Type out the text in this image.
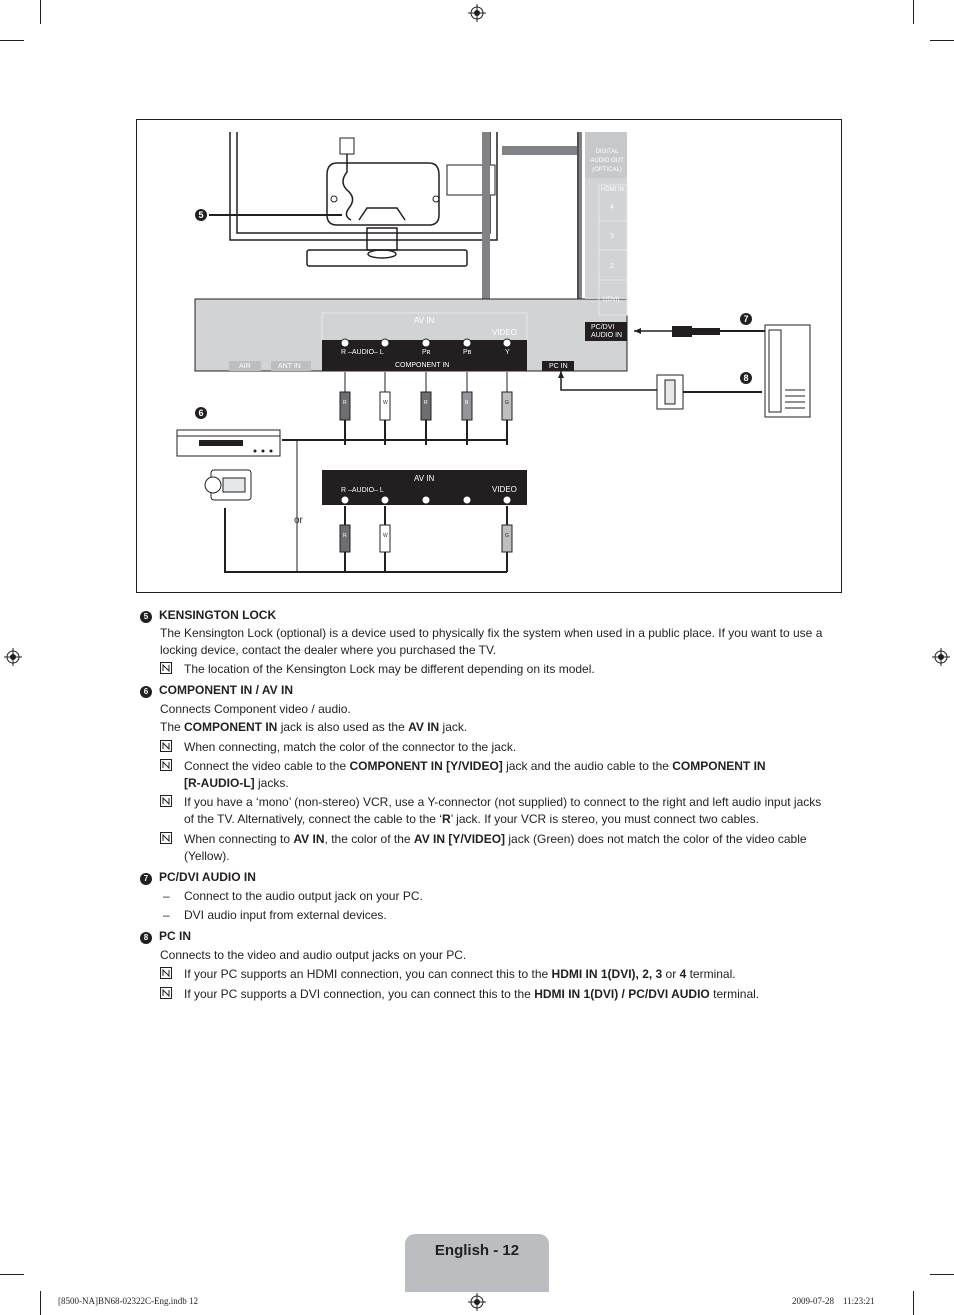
DIGITAL
AUDIO OUT
(OPTICAL)
HDMI IN
4
3
2
1(DVI)
AV IN
VIDEO
R –AUDIO– L	Pʀ	Pʙ	Y
COMPONENT IN
AIR	ANT IN	PC IN
PC/DVI
AUDIO IN
AV IN
R –AUDIO– L	VIDEO
or
R	W	R	B	G
R	W	G
5
6
7
8
5 KENSINGTON LOCK
The Kensington Lock (optional) is a device used to physically fix the system when used in a public place. If you want to use a locking device, contact the dealer where you purchased the TV.
The location of the Kensington Lock may be different depending on its model.
6 COMPONENT IN / AV IN
Connects Component video / audio.
The COMPONENT IN jack is also used as the AV IN jack.
When connecting, match the color of the connector to the jack.
Connect the video cable to the COMPONENT IN [Y/VIDEO] jack and the audio cable to the COMPONENT IN
[R-AUDIO-L] jacks.
If you have a ‘mono’ (non-stereo) VCR, use a Y-connector (not supplied) to connect to the right and left audio input jacks
of the TV. Alternatively, connect the cable to the ‘R’ jack. If your VCR is stereo, you must connect two cables.
When connecting to AV IN, the color of the AV IN [Y/VIDEO] jack (Green) does not match the color of the video cable
(Yellow).
7 PC/DVI AUDIO IN
– Connect to the audio output jack on your PC.
– DVI audio input from external devices.
8 PC IN
Connects to the video and audio output jacks on your PC.
If your PC supports an HDMI connection, you can connect this to the HDMI IN 1(DVI), 2, 3 or 4 terminal.
If your PC supports a DVI connection, you can connect this to the HDMI IN 1(DVI) / PC/DVI AUDIO terminal.
English - 12
[8500-NA]BN68-02322C-Eng.indb 12	2009-07-28    11:23:21
